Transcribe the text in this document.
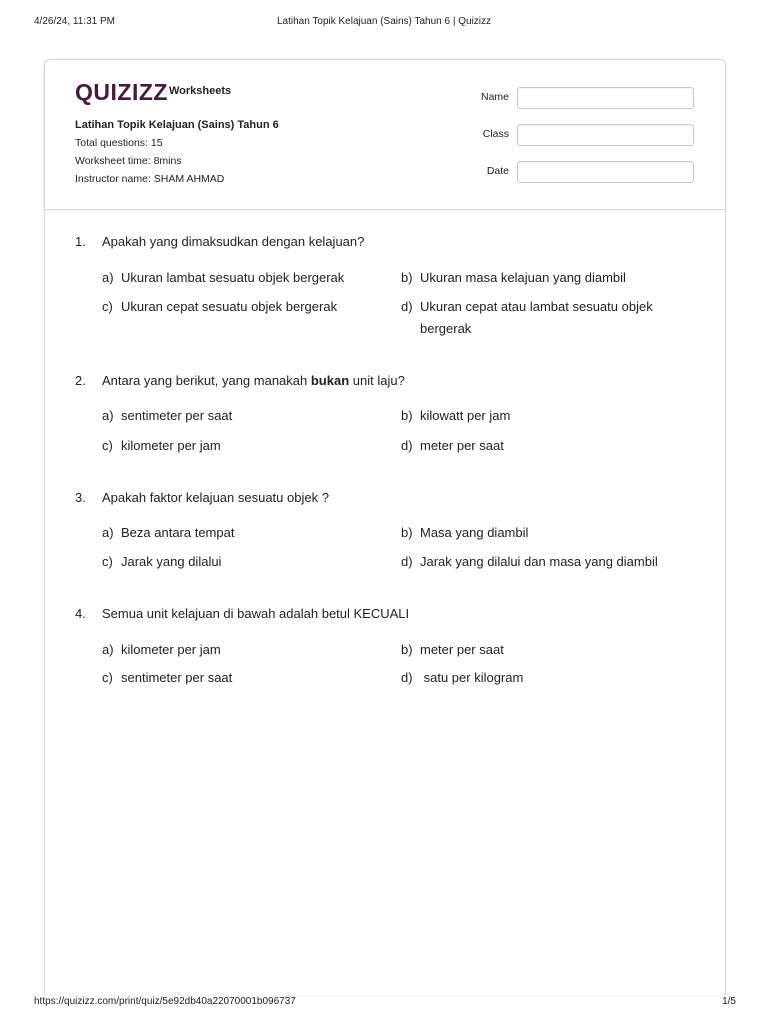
4/26/24, 11:31 PM	Latihan Topik Kelajuan (Sains) Tahun 6 | Quizizz
QUIZIZZ Worksheets
Latihan Topik Kelajuan (Sains) Tahun 6
Total questions: 15
Worksheet time: 8mins
Instructor name: SHAM AHMAD
Name
Class
Date
1. Apakah yang dimaksudkan dengan kelajuan?
a) Ukuran lambat sesuatu objek bergerak	b) Ukuran masa kelajuan yang diambil
c) Ukuran cepat sesuatu objek bergerak	d) Ukuran cepat atau lambat sesuatu objek bergerak
2. Antara yang berikut, yang manakah bukan unit laju?
a) sentimeter per saat	b) kilowatt per jam
c) kilometer per jam	d) meter per saat
3. Apakah faktor kelajuan sesuatu objek ?
a) Beza antara tempat	b) Masa yang diambil
c) Jarak yang dilalui	d) Jarak yang dilalui dan masa yang diambil
4. Semua unit kelajuan di bawah adalah betul KECUALI
a) kilometer per jam	b) meter per saat
c) sentimeter per saat	d) satu per kilogram
https://quizizz.com/print/quiz/5e92db40a22070001b096737	1/5
